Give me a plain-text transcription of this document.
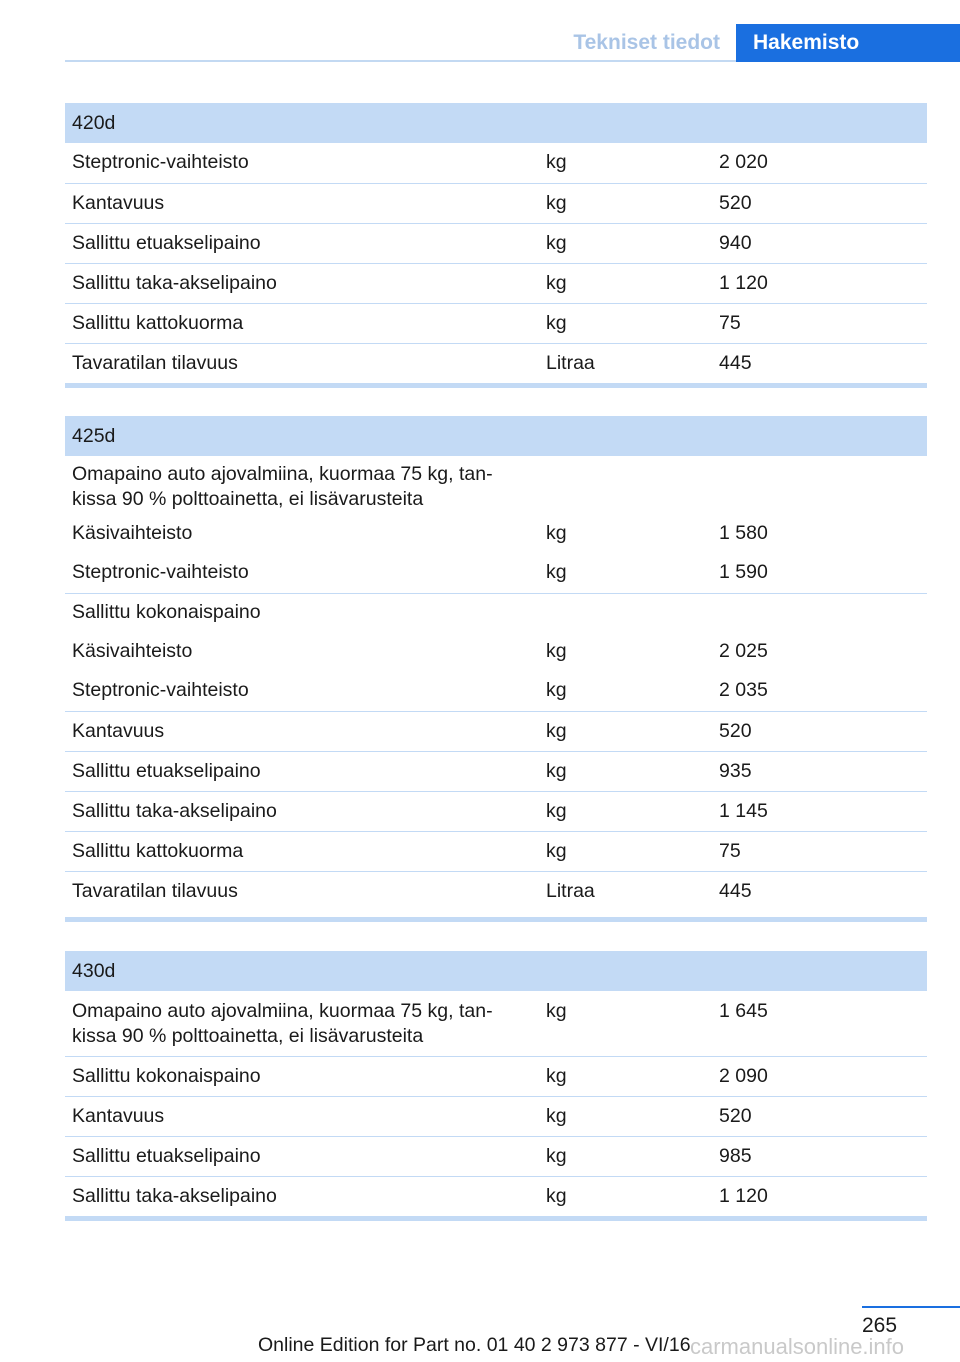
Tekniset tiedot	Hakemisto
420d		
Steptronic-vaihteisto	kg	2 020
Kantavuus	kg	520
Sallittu etuakselipaino	kg	940
Sallittu taka-akselipaino	kg	1 120
Sallittu kattokuorma	kg	75
Tavaratilan tilavuus	Litraa	445
425d		
Omapaino auto ajovalmiina, kuormaa 75 kg, tan-
kissa 90 % polttoainetta, ei lisävarusteita		
Käsivaihteisto	kg	1 580
Steptronic-vaihteisto	kg	1 590
Sallittu kokonaispaino		
Käsivaihteisto	kg	2 025
Steptronic-vaihteisto	kg	2 035
Kantavuus	kg	520
Sallittu etuakselipaino	kg	935
Sallittu taka-akselipaino	kg	1 145
Sallittu kattokuorma	kg	75
Tavaratilan tilavuus	Litraa	445
430d		
Omapaino auto ajovalmiina, kuormaa 75 kg, tan-
kissa 90 % polttoainetta, ei lisävarusteita	kg	1 645
Sallittu kokonaispaino	kg	2 090
Kantavuus	kg	520
Sallittu etuakselipaino	kg	985
Sallittu taka-akselipaino	kg	1 120
265
Online Edition for Part no. 01 40 2 973 877 - VI/16 carmanualsonline.info
